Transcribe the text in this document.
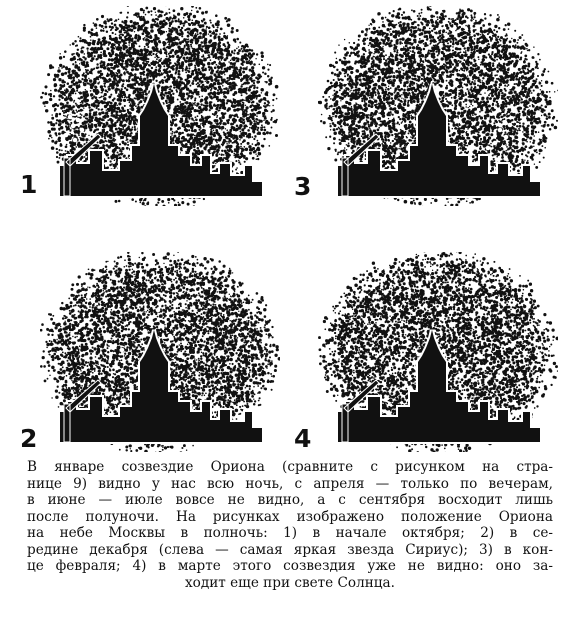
1	3
2	4
В январе созвездие Ориона (сравните с рисунком на стра-
нице 9) видно у нас всю ночь, с апреля — только по вечерам,
в июне — июле вовсе не видно, а с сентября восходит лишь
после полуночи. На рисунках изображено положение Ориона
на небе Москвы в полночь: 1) в начале октября; 2) в се-
редине декабря (слева — самая яркая звезда Сириус); 3) в кон-
це февраля; 4) в марте этого созвездия уже не видно: оно за-
ходит еще при свете Солнца.
